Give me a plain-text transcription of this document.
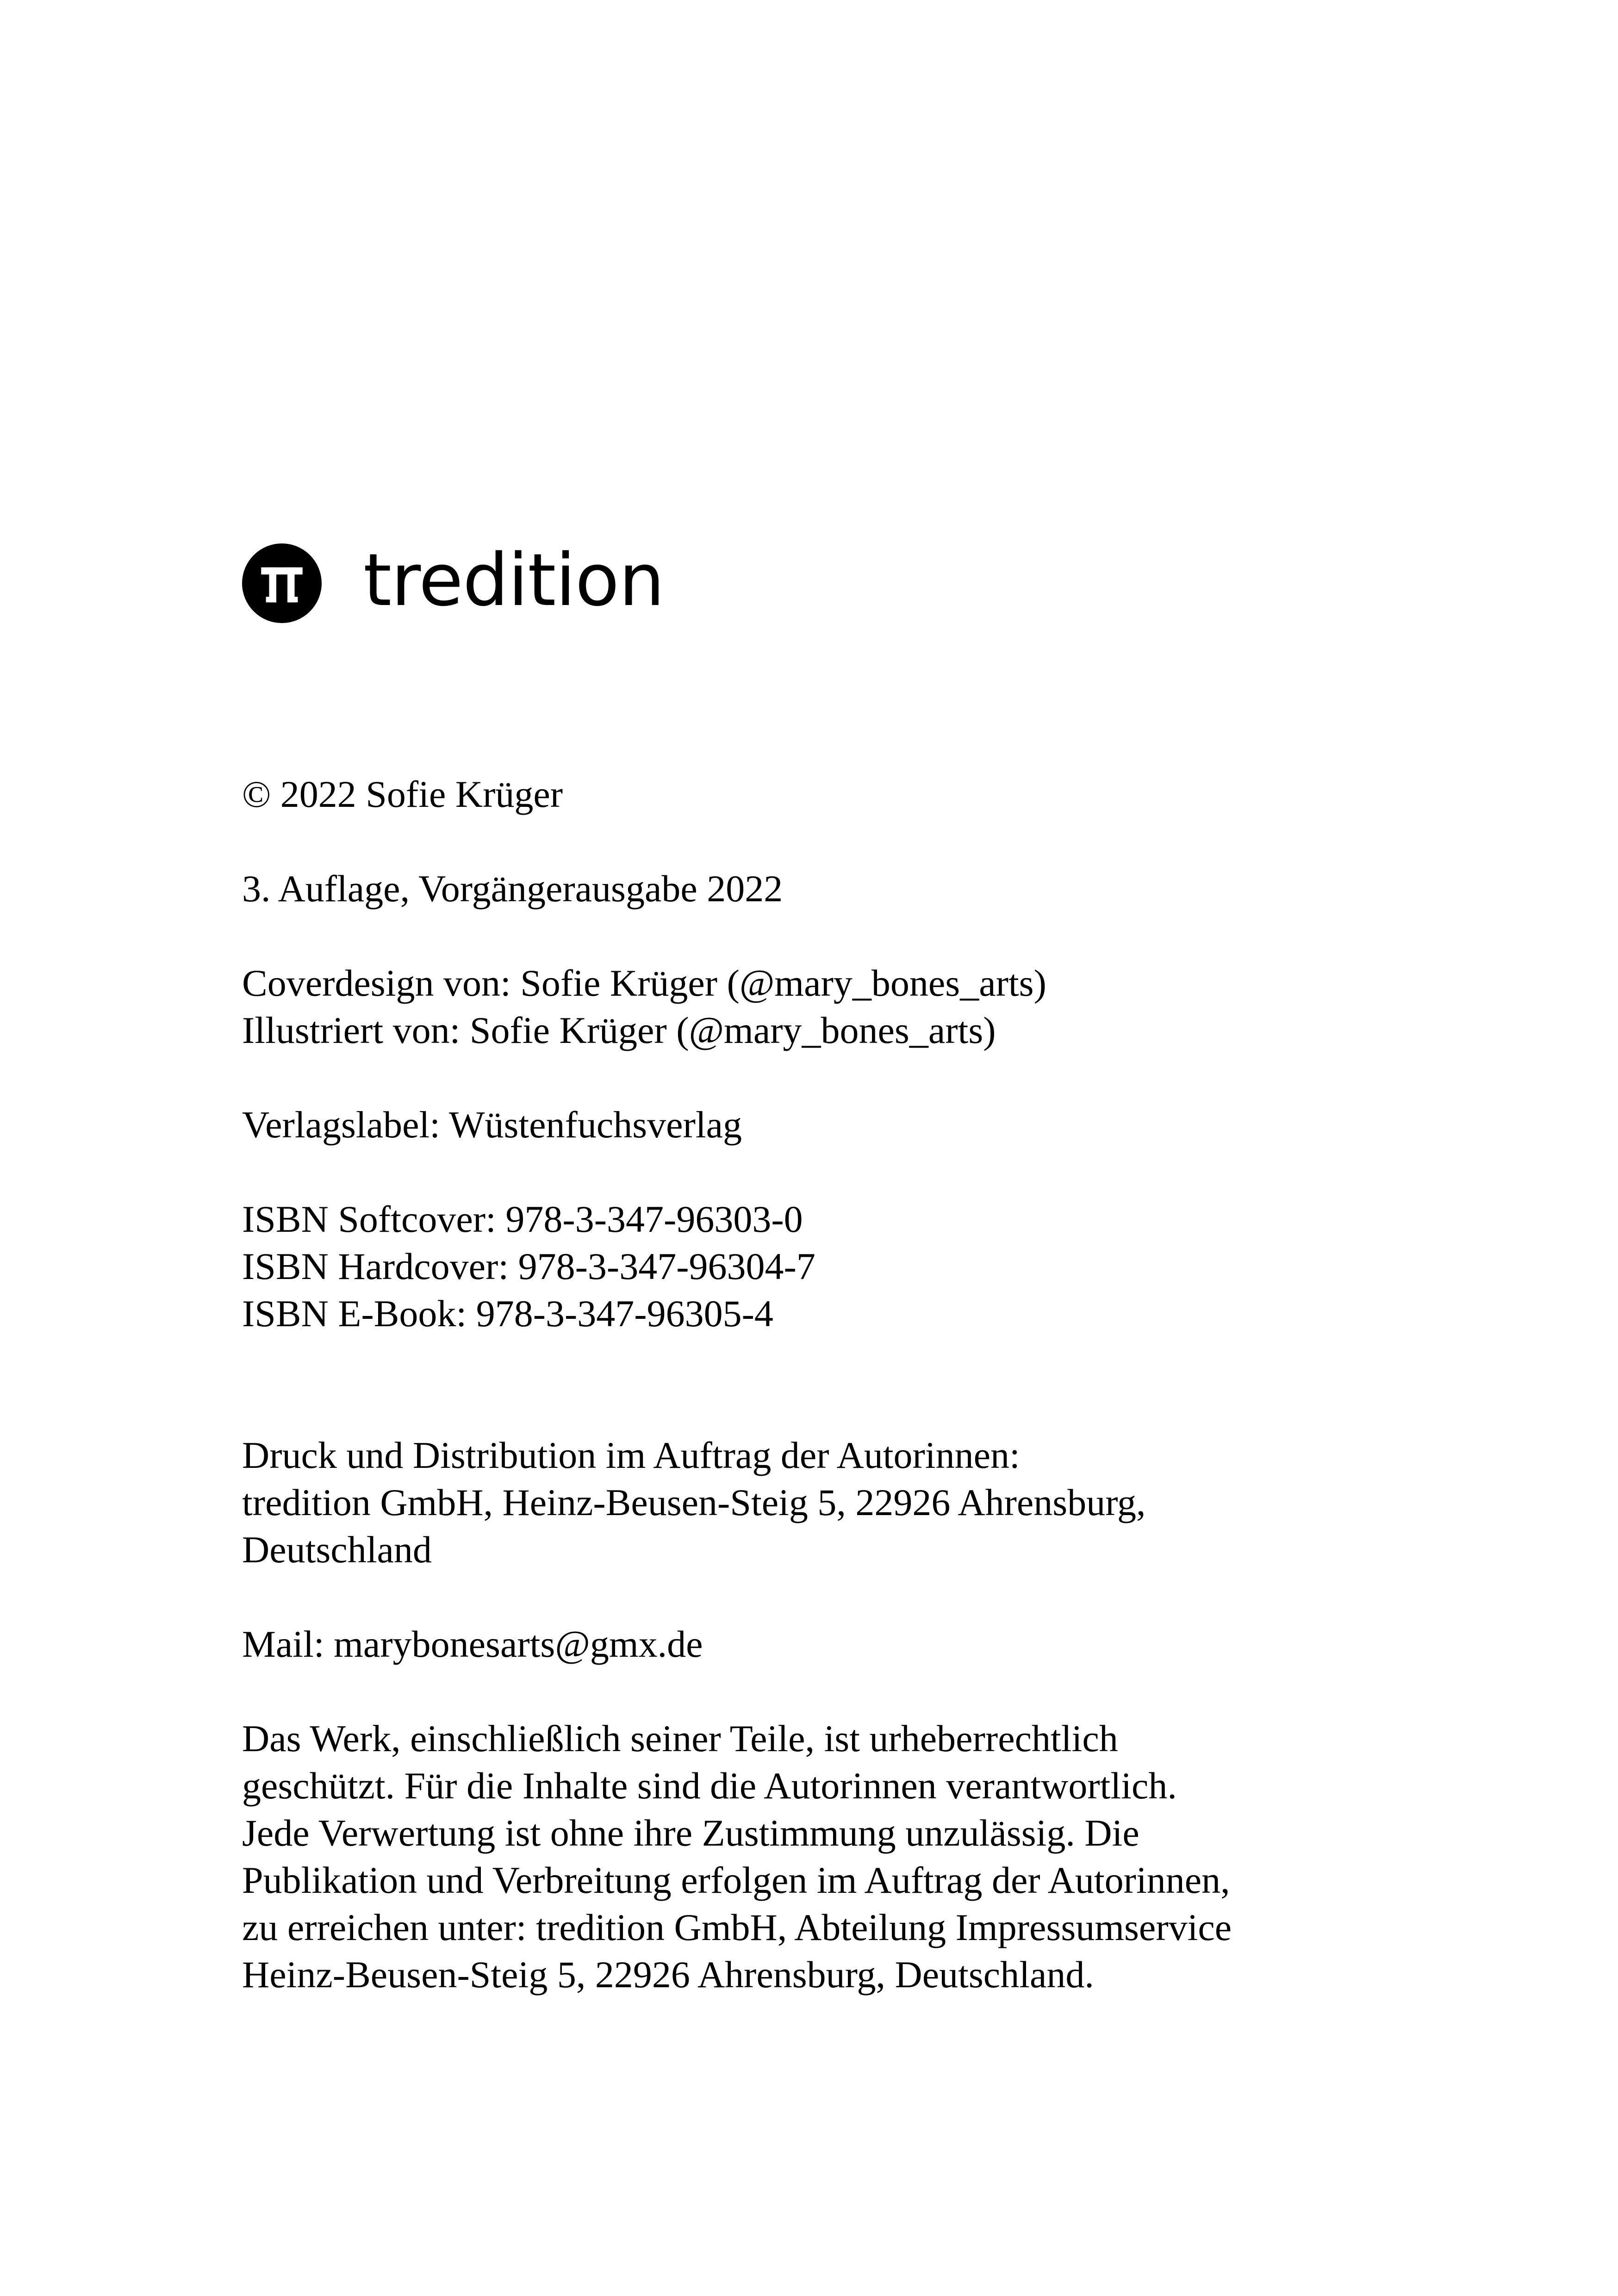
tredition

© 2022 Sofie Krüger

3. Auflage, Vorgängerausgabe 2022

Coverdesign von: Sofie Krüger (@mary_bones_arts)

Illustriert von: Sofie Krüger (@mary_bones_arts)

Verlagslabel: Wüstenfuchsverlag

ISBN Softcover: 978-3-347-96303-0

ISBN Hardcover: 978-3-347-96304-7

ISBN E-Book: 978-3-347-96305-4

Druck und Distribution im Auftrag der Autorinnen:

tredition GmbH, Heinz-Beusen-Steig 5, 22926 Ahrensburg,

Deutschland

Mail: marybonesarts@gmx.de

Das Werk, einschließlich seiner Teile, ist urheberrechtlich

geschützt. Für die Inhalte sind die Autorinnen verantwortlich.

Jede Verwertung ist ohne ihre Zustimmung unzulässig. Die

Publikation und Verbreitung erfolgen im Auftrag der Autorinnen,

zu erreichen unter: tredition GmbH, Abteilung Impressumservice

Heinz-Beusen-Steig 5, 22926 Ahrensburg, Deutschland.
